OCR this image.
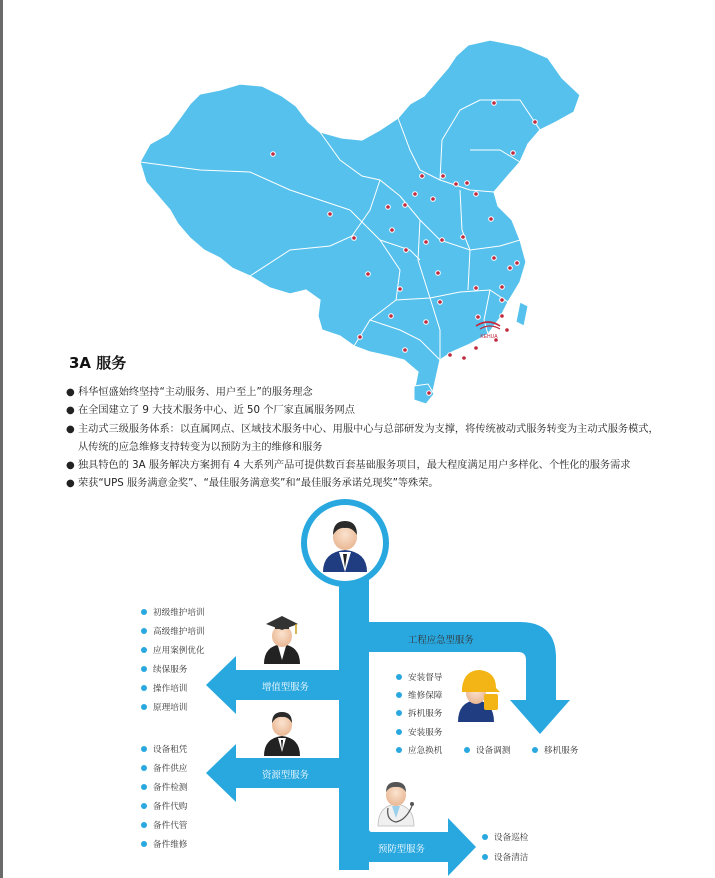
KEHUA
3A 服务
● 科华恒盛始终坚持“主动服务、用户至上”的服务理念
● 在全国建立了 9 大技术服务中心、近 50 个厂家直属服务网点
● 主动式三级服务体系：以直属网点、区域技术服务中心、用服中心与总部研发为支撑，将传统被动式服务转变为主动式服务模式，从传统的应急维修支持转变为以预防为主的维修和服务
● 独具特色的 3A 服务解决方案拥有 4 大系列产品可提供数百套基础服务项目，最大程度满足用户多样化、个性化的服务需求
● 荣获“UPS 服务满意金奖”、“最佳服务满意奖”和“最佳服务承诺兑现奖”等殊荣。
工程应急型服务
增值型服务
资源型服务
预防型服务
初级维护培训
高级维护培训
应用案例优化
续保服务
操作培训
原理培训
设备租凭
备件供应
备件检测
备件代购
备件代管
备件维修
安装督导
维修保障
拆机服务
安装服务
应急换机	设备调测	移机服务
设备巡检
设备清洁
